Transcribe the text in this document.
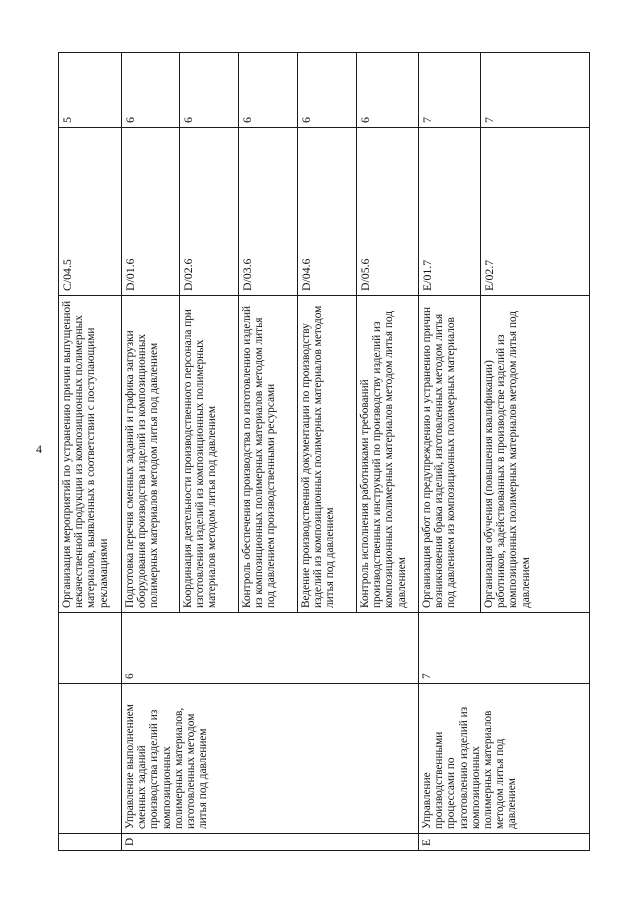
4
			Организация мероприятий по устранению причин выпущенной некачественной продукции из композиционных полимерных материалов, выявленных в соответствии с поступающими рекламациями	C/04.5	5
D	Управление выполнением сменных заданий производства изделий из композиционных полимерных материалов, изготовленных методом литья под давлением	6	Подготовка перечня сменных заданий и графика загрузки оборудования производства изделий из композиционных полимерных материалов методом литья под давлением	D/01.6	6
			Координация деятельности производственного персонала при изготовлении изделий из композиционных полимерных материалов методом литья под давлением	D/02.6	6
			Контроль обеспечения производства по изготовлению изделий из композиционных полимерных материалов методом литья под давлением производственными ресурсами	D/03.6	6
			Ведение производственной документации по производству изделий из композиционных полимерных материалов методом литья под давлением	D/04.6	6
			Контроль исполнения работниками требований производственных инструкций по производству изделий из композиционных полимерных материалов методом литья под давлением	D/05.6	6
E	Управление производственными процессами по изготовлению изделий из композиционных полимерных материалов методом литья под давлением	7	Организация работ по предупреждению и устранению причин возникновения брака изделий, изготовленных методом литья под давлением из композиционных полимерных материалов	E/01.7	7
			Организация обучения (повышения квалификации) работников, задействованных в производстве изделий из композиционных полимерных материалов методом литья под давлением	E/02.7	7
